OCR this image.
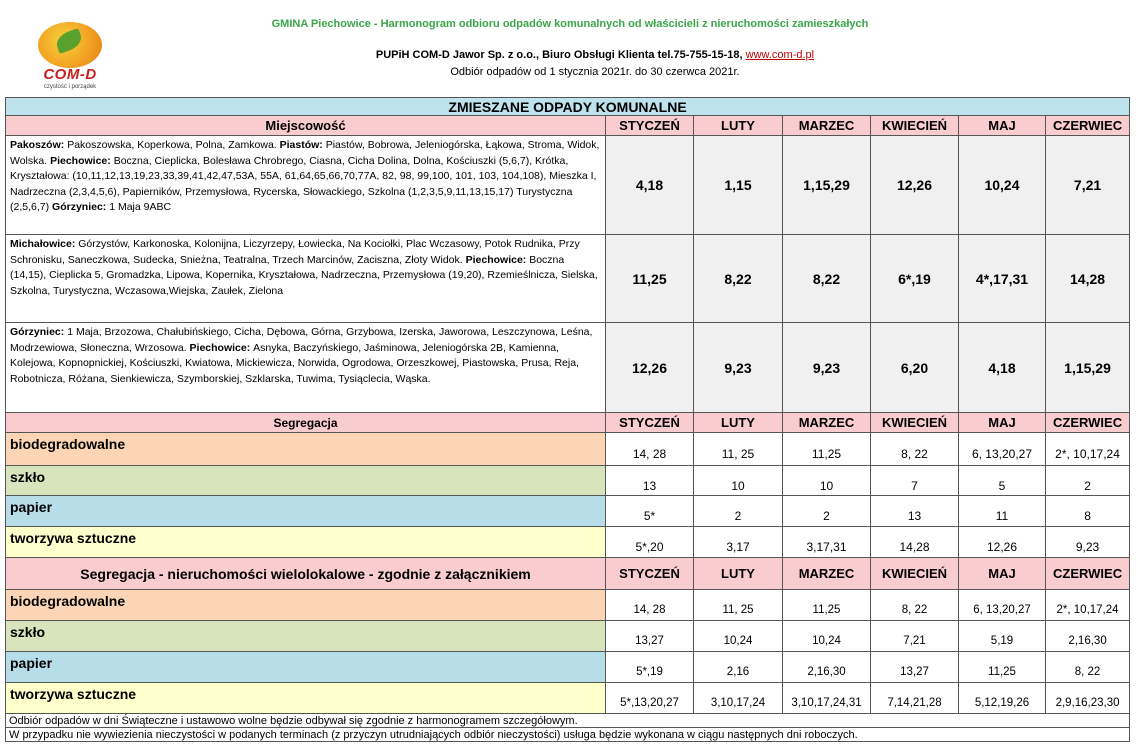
COM-D
czystość i porządek
GMINA Piechowice - Harmonogram odbioru odpadów komunalnych od właścicieli z nieruchomości zamieszkałych
PUPiH COM-D Jawor Sp. z o.o., Biuro Obsługi Klienta tel.75-755-15-18, www.com-d.pl
Odbiór odpadów od 1 stycznia 2021r. do 30 czerwca 2021r.
ZMIESZANE ODPADY KOMUNALNE						
Miejscowość	STYCZEŃ	LUTY	MARZEC	KWIECIEŃ	MAJ	CZERWIEC
Pakoszów: Pakoszowska, Koperkowa, Polna, Zamkowa. Piastów: Piastów, Bobrowa, Jeleniogórska, Łąkowa, Stroma, Widok, Wolska. Piechowice: Boczna, Cieplicka, Bolesława Chrobrego, Ciasna, Cicha Dolina, Dolna, Kościuszki (5,6,7), Krótka, Kryształowa: (10,11,12,13,19,23,33,39,41,42,47,53A, 55A, 61,64,65,66,70,77A, 82, 98, 99,100, 101, 103, 104,108), Mieszka I, Nadrzeczna (2,3,4,5,6), Papierników, Przemysłowa, Rycerska, Słowackiego, Szkolna (1,2,3,5,9,11,13,15,17) Turystyczna (2,5,6,7) Górzyniec: 1 Maja 9ABC	4,18	1,15	1,15,29	12,26	10,24	7,21
Michałowice: Górzystów, Karkonoska, Kolonijna, Liczyrzepy, Łowiecka, Na Kociołki, Plac Wczasowy, Potok Rudnika, Przy Schronisku, Saneczkowa, Sudecka, Snieżna, Teatralna, Trzech Marcinów, Zaciszna, Złoty Widok. Piechowice: Boczna (14,15), Cieplicka 5, Gromadzka, Lipowa, Kopernika, Kryształowa, Nadrzeczna, Przemysłowa (19,20), Rzemieślnicza, Sielska, Szkolna, Turystyczna, Wczasowa,Wiejska, Zaułek, Zielona	11,25	8,22	8,22	6*,19	4*,17,31	14,28
Górzyniec: 1 Maja, Brzozowa, Chałubińskiego, Cicha, Dębowa, Górna, Grzybowa, Izerska, Jaworowa, Leszczynowa, Leśna, Modrzewiowa, Słoneczna, Wrzosowa. Piechowice: Asnyka, Baczyńskiego, Jaśminowa, Jeleniogórska 2B, Kamienna, Kolejowa, Kopnopnickiej, Kościuszki, Kwiatowa, Mickiewicza, Norwida, Ogrodowa, Orzeszkowej, Piastowska, Prusa, Reja, Robotnicza, Różana, Sienkiewicza, Szymborskiej, Szklarska, Tuwima, Tysiąclecia, Wąska.	12,26	9,23	9,23	6,20	4,18	1,15,29
Segregacja	STYCZEŃ	LUTY	MARZEC	KWIECIEŃ	MAJ	CZERWIEC
biodegradowalne	14, 28	11, 25	11,25	8, 22	6, 13,20,27	2*, 10,17,24
szkło	13	10	10	7	5	2
papier	5*	2	2	13	11	8
tworzywa sztuczne	5*,20	3,17	3,17,31	14,28	12,26	9,23
Segregacja - nieruchomości wielolokalowe - zgodnie z załącznikiem	STYCZEŃ	LUTY	MARZEC	KWIECIEŃ	MAJ	CZERWIEC
biodegradowalne	14, 28	11, 25	11,25	8, 22	6, 13,20,27	2*, 10,17,24
szkło	13,27	10,24	10,24	7,21	5,19	2,16,30
papier	5*,19	2,16	2,16,30	13,27	11,25	8, 22
tworzywa sztuczne	5*,13,20,27	3,10,17,24	3,10,17,24,31	7,14,21,28	5,12,19,26	2,9,16,23,30
Odbiór odpadów w dni Świąteczne i ustawowo wolne będzie odbywał się zgodnie z harmonogramem szczegółowym.						
W przypadku nie wywiezienia nieczystości w podanych terminach (z przyczyn utrudniających odbiór nieczystości) usługa będzie wykonana w ciągu następnych dni roboczych.						
